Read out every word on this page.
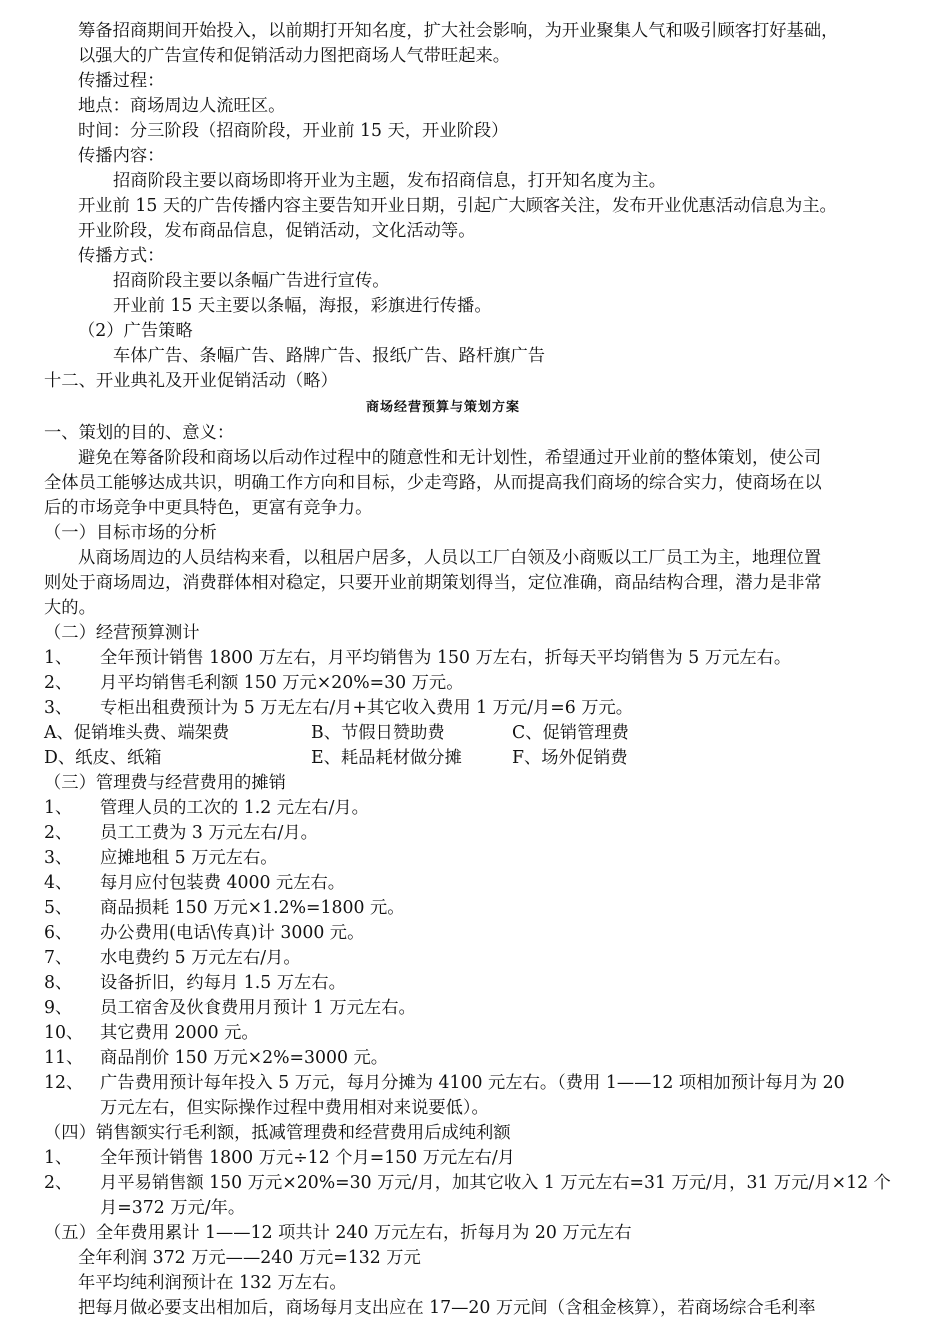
筹备招商期间开始投入，以前期打开知名度，扩大社会影响，为开业聚集人气和吸引顾客打好基础，
以强大的广告宣传和促销活动力图把商场人气带旺起来。
传播过程：
地点：商场周边人流旺区。
时间：分三阶段（招商阶段，开业前 15 天，开业阶段）
传播内容：
招商阶段主要以商场即将开业为主题，发布招商信息，打开知名度为主。
开业前 15 天的广告传播内容主要告知开业日期，引起广大顾客关注，发布开业优惠活动信息为主。
开业阶段，发布商品信息，促销活动，文化活动等。
传播方式：
招商阶段主要以条幅广告进行宣传。
开业前 15 天主要以条幅，海报，彩旗进行传播。
（2）广告策略
车体广告、条幅广告、路牌广告、报纸广告、路杆旗广告
十二、开业典礼及开业促销活动（略）
商场经营预算与策划方案
一、策划的目的、意义：
避免在筹备阶段和商场以后动作过程中的随意性和无计划性，希望通过开业前的整体策划，使公司
全体员工能够达成共识，明确工作方向和目标，少走弯路，从而提高我们商场的综合实力，使商场在以
后的市场竞争中更具特色，更富有竞争力。
（一）目标市场的分析
从商场周边的人员结构来看，以租居户居多，人员以工厂白领及小商贩以工厂员工为主，地理位置
则处于商场周边，消费群体相对稳定，只要开业前期策划得当，定位准确，商品结构合理，潜力是非常
大的。
（二）经营预算测计
1、 全年预计销售 1800 万左右，月平均销售为 150 万左右，折每天平均销售为 5 万元左右。
2、 月平均销售毛利额 150 万元×20%=30 万元。
3、 专柜出租费预计为 5 万无左右/月+其它收入费用 1 万元/月=6 万元。
A、促销堆头费、端架费	B、节假日赞助费	C、促销管理费
D、纸皮、纸箱	E、耗品耗材做分摊	F、场外促销费
（三）管理费与经营费用的摊销
1、 管理人员的工次的 1.2 元左右/月。
2、 员工工费为 3 万元左右/月。
3、 应摊地租 5 万元左右。
4、 每月应付包装费 4000 元左右。
5、 商品损耗 150 万元×1.2%=1800 元。
6、 办公费用(电话\传真)计 3000 元。
7、 水电费约 5 万元左右/月。
8、 设备折旧，约每月 1.5 万左右。
9、 员工宿舍及伙食费用月预计 1 万元左右。
10、 其它费用 2000 元。
11、 商品削价 150 万元×2%=3000 元。
12、 广告费用预计每年投入 5 万元，每月分摊为 4100 元左右。（费用 1——12 项相加预计每月为 20
万元左右，但实际操作过程中费用相对来说要低）。
（四）销售额实行毛利额，抵减管理费和经营费用后成纯利额
1、 全年预计销售 1800 万元÷12 个月=150 万元左右/月
2、 月平易销售额 150 万元×20%=30 万元/月，加其它收入 1 万元左右=31 万元/月，31 万元/月×12 个
月=372 万元/年。
（五）全年费用累计 1——12 项共计 240 万元左右，折每月为 20 万元左右
全年利润 372 万元——240 万元=132 万元
年平均纯利润预计在 132 万左右。
把每月做必要支出相加后，商场每月支出应在 17—20 万元间（含租金核算），若商场综合毛利率
